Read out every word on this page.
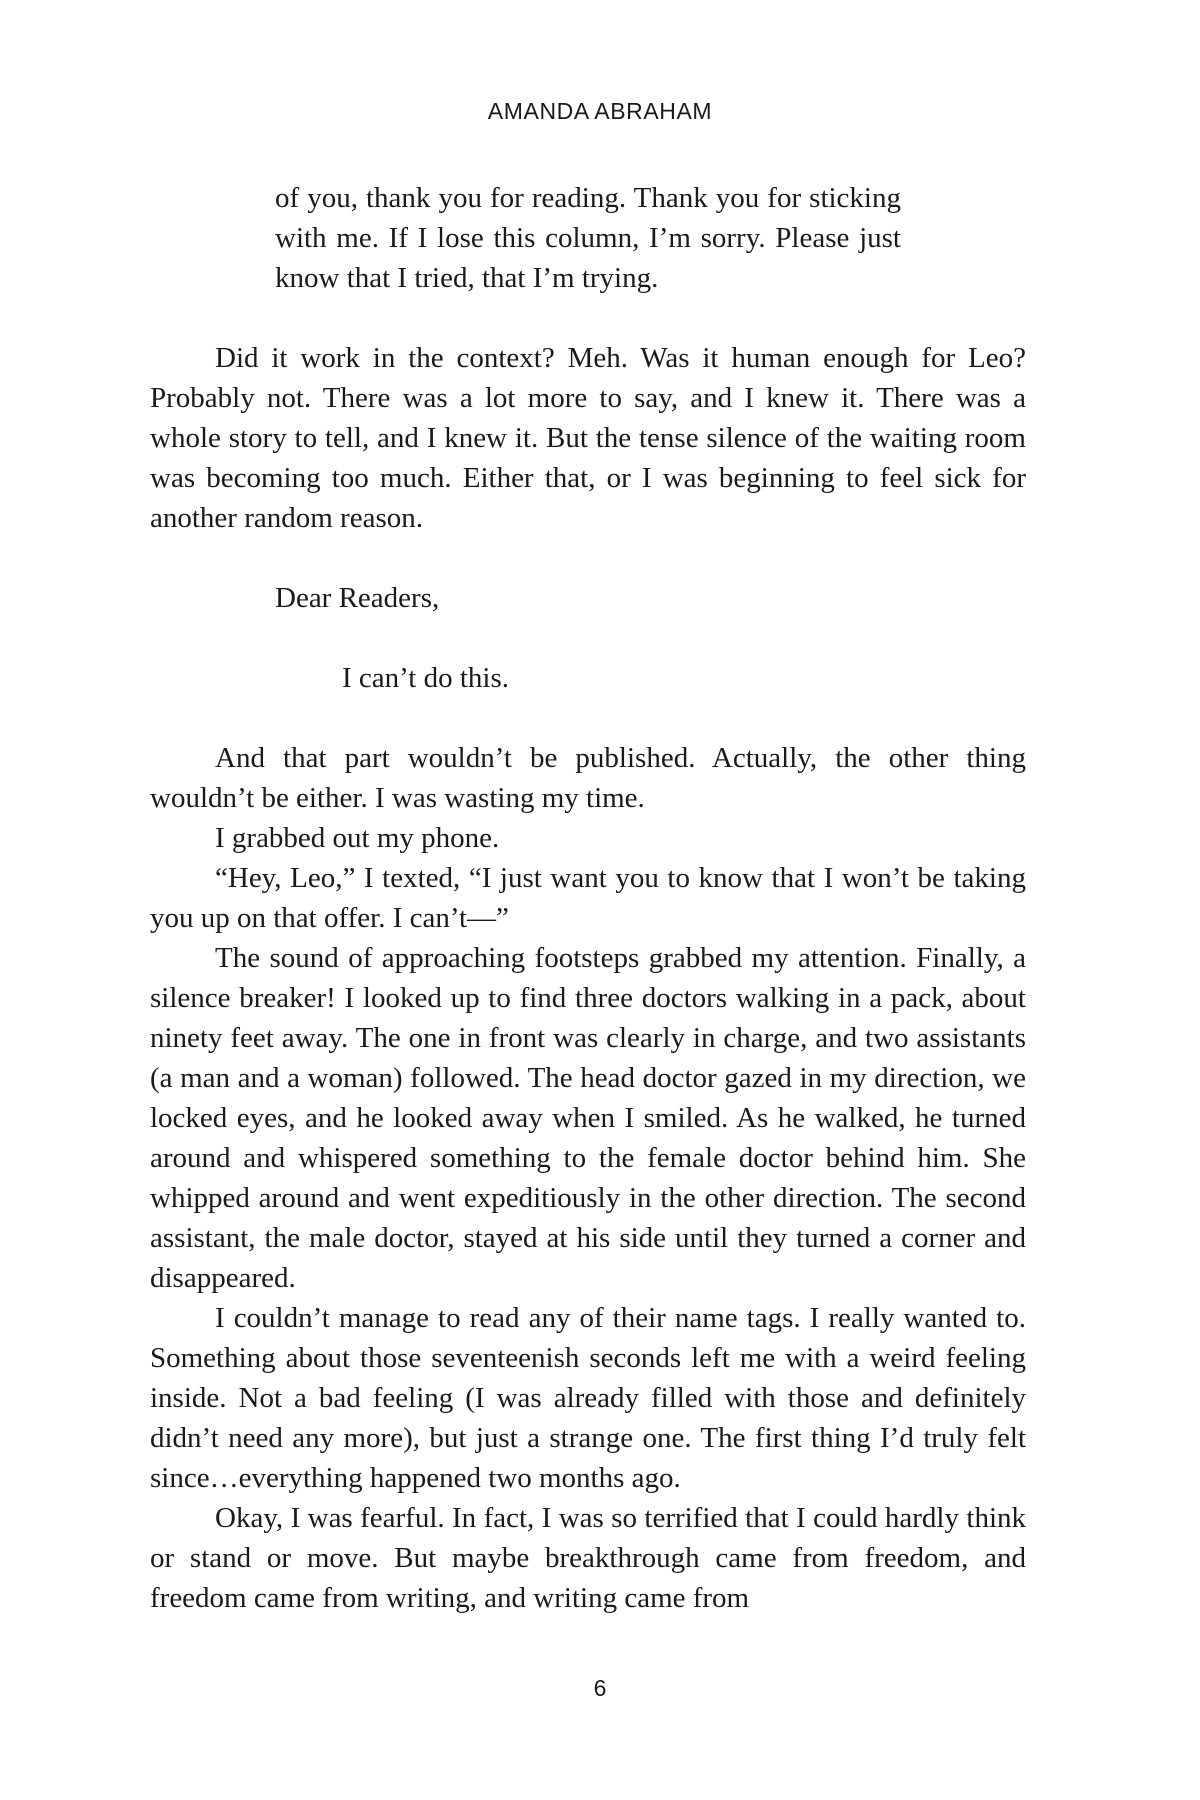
AMANDA ABRAHAM

of you, thank you for reading. Thank you for sticking with me. If I lose this column, I’m sorry. Please just know that I tried, that I’m trying.

Did it work in the context? Meh. Was it human enough for Leo? Probably not. There was a lot more to say, and I knew it. There was a whole story to tell, and I knew it. But the tense silence of the waiting room was becoming too much. Either that, or I was beginning to feel sick for another random reason.

Dear Readers,

I can’t do this.

And that part wouldn’t be published. Actually, the other thing wouldn’t be either. I was wasting my time.

I grabbed out my phone.

“Hey, Leo,” I texted, “I just want you to know that I won’t be taking you up on that offer. I can’t—”

The sound of approaching footsteps grabbed my attention. Finally, a silence breaker! I looked up to find three doctors walking in a pack, about ninety feet away. The one in front was clearly in charge, and two assistants (a man and a woman) followed. The head doctor gazed in my direction, we locked eyes, and he looked away when I smiled. As he walked, he turned around and whispered something to the female doctor behind him. She whipped around and went expeditiously in the other direction. The second assistant, the male doctor, stayed at his side until they turned a corner and disappeared.

I couldn’t manage to read any of their name tags. I really wanted to. Something about those seventeenish seconds left me with a weird feeling inside. Not a bad feeling (I was already filled with those and definitely didn’t need any more), but just a strange one. The first thing I’d truly felt since…everything happened two months ago.

Okay, I was fearful. In fact, I was so terrified that I could hardly think or stand or move. But maybe breakthrough came from freedom, and freedom came from writing, and writing came from

6
